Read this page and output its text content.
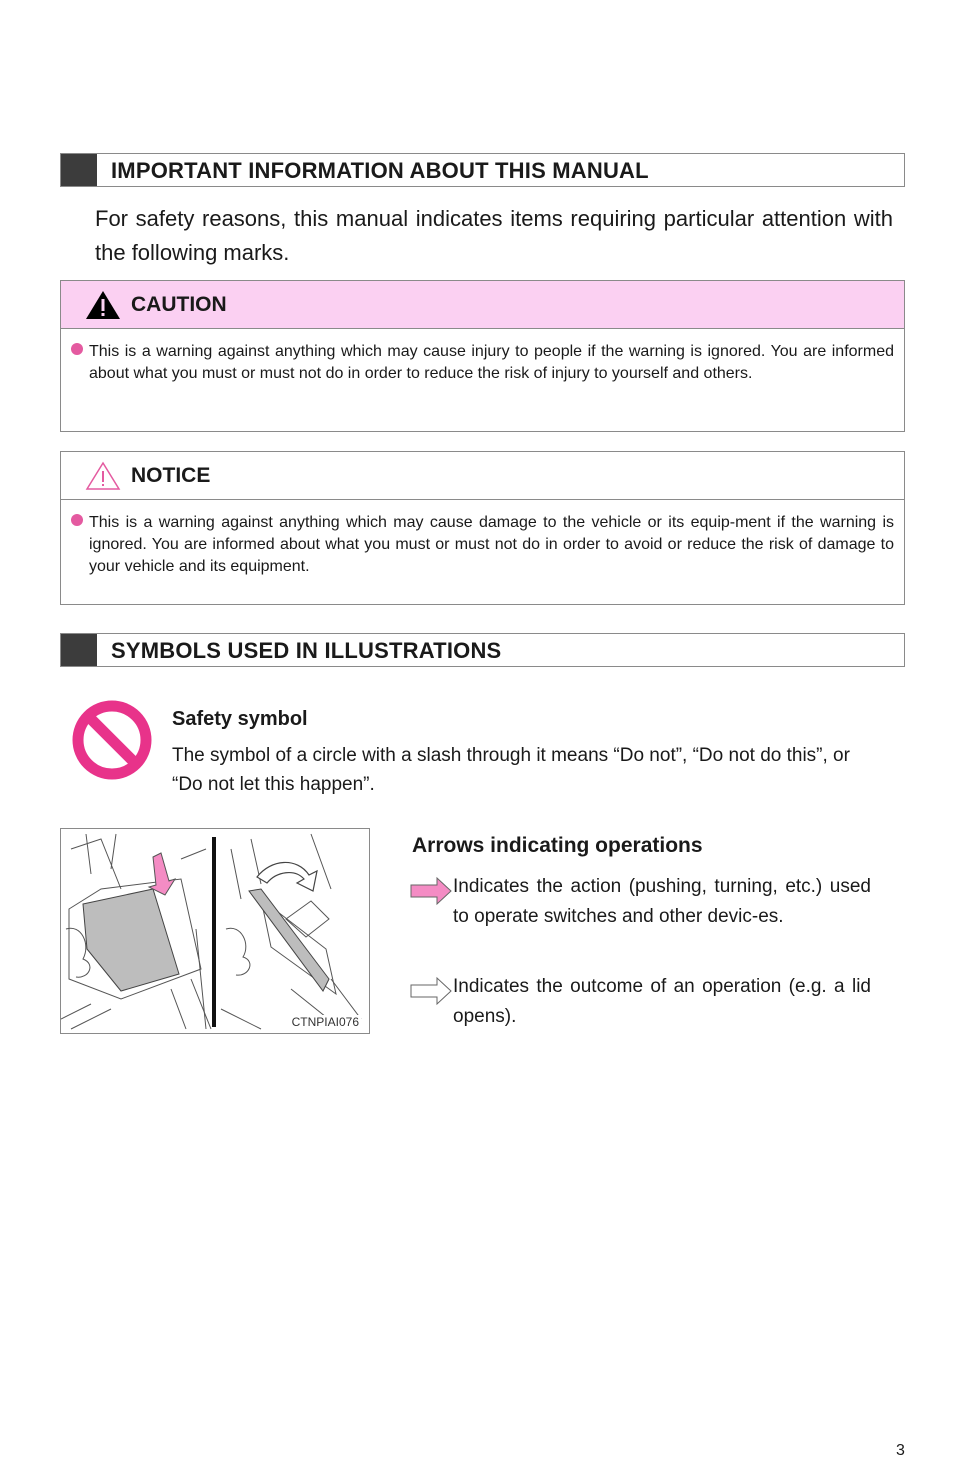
IMPORTANT INFORMATION ABOUT THIS MANUAL
For safety reasons, this manual indicates items requiring particular attention with the following marks.
CAUTION
This is a warning against anything which may cause injury to people if the warning is ignored. You are informed about what you must or must not do in order to reduce the risk of injury to yourself and others.
NOTICE
This is a warning against anything which may cause damage to the vehicle or its equip-ment if the warning is ignored. You are informed about what you must or must not do in order to avoid or reduce the risk of damage to your vehicle and its equipment.
SYMBOLS USED IN ILLUSTRATIONS
Safety symbol
The symbol of a circle with a slash through it means “Do not”, “Do not do this”, or “Do not let this happen”.
CTNPIAI076
Arrows indicating operations
Indicates the action (pushing, turning, etc.) used to operate switches and other devic-es.
Indicates the outcome of an operation (e.g. a lid opens).
3
